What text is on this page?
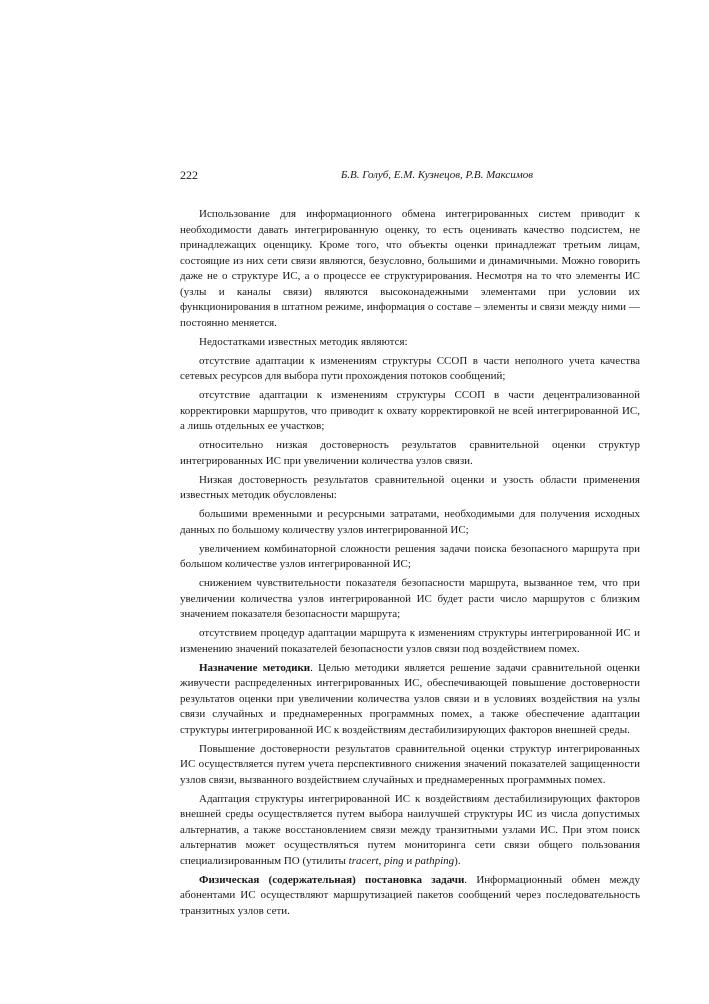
222	Б.В. Голуб, Е.М. Кузнецов, Р.В. Максимов

Использование для информационного обмена интегрированных систем приводит к необходимости давать интегрированную оценку, то есть оценивать качество подсистем, не принадлежащих оценщику. Кроме того, что объекты оценки принадлежат третьим лицам, состоящие из них сети связи являются, безусловно, большими и динамичными. Можно говорить даже не о структуре ИС, а о процессе ее структурирования. Несмотря на то что элементы ИС (узлы и каналы связи) являются высоконадежными элементами при условии их функционирования в штатном режиме, информация о составе – элементы и связи между ними — постоянно меняется.

Недостатками известных методик являются:

отсутствие адаптации к изменениям структуры ССОП в части неполного учета качества сетевых ресурсов для выбора пути прохождения потоков сообщений;

отсутствие адаптации к изменениям структуры ССОП в части децентрализованной корректировки маршрутов, что приводит к охвату корректировкой не всей интегрированной ИС, а лишь отдельных ее участков;

относительно низкая достоверность результатов сравнительной оценки структур интегрированных ИС при увеличении количества узлов связи.

Низкая достоверность результатов сравнительной оценки и узость области применения известных методик обусловлены:

большими временными и ресурсными затратами, необходимыми для получения исходных данных по большому количеству узлов интегрированной ИС;

увеличением комбинаторной сложности решения задачи поиска безопасного маршрута при большом количестве узлов интегрированной ИС;

снижением чувствительности показателя безопасности маршрута, вызванное тем, что при увеличении количества узлов интегрированной ИС будет расти число маршрутов с близким значением показателя безопасности маршрута;

отсутствием процедур адаптации маршрута к изменениям структуры интегрированной ИС и изменению значений показателей безопасности узлов связи под воздействием помех.

Назначение методики. Целью методики является решение задачи сравнительной оценки живучести распределенных интегрированных ИС, обеспечивающей повышение достоверности результатов оценки при увеличении количества узлов связи и в условиях воздействия на узлы связи случайных и преднамеренных программных помех, а также обеспечение адаптации структуры интегрированной ИС к воздействиям дестабилизирующих факторов внешней среды.

Повышение достоверности результатов сравнительной оценки структур интегрированных ИС осуществляется путем учета перспективного снижения значений показателей защищенности узлов связи, вызванного воздействием случайных и преднамеренных программных помех.

Адаптация структуры интегрированной ИС к воздействиям дестабилизирующих факторов внешней среды осуществляется путем выбора наилучшей структуры ИС из числа допустимых альтернатив, а также восстановлением связи между транзитными узлами ИС. При этом поиск альтернатив может осуществляться путем мониторинга сети связи общего пользования специализированным ПО (утилиты tracert, ping и pathping).

Физическая (содержательная) постановка задачи. Информационный обмен между абонентами ИС осуществляют маршрутизацией пакетов сообщений через последовательность транзитных узлов сети.
